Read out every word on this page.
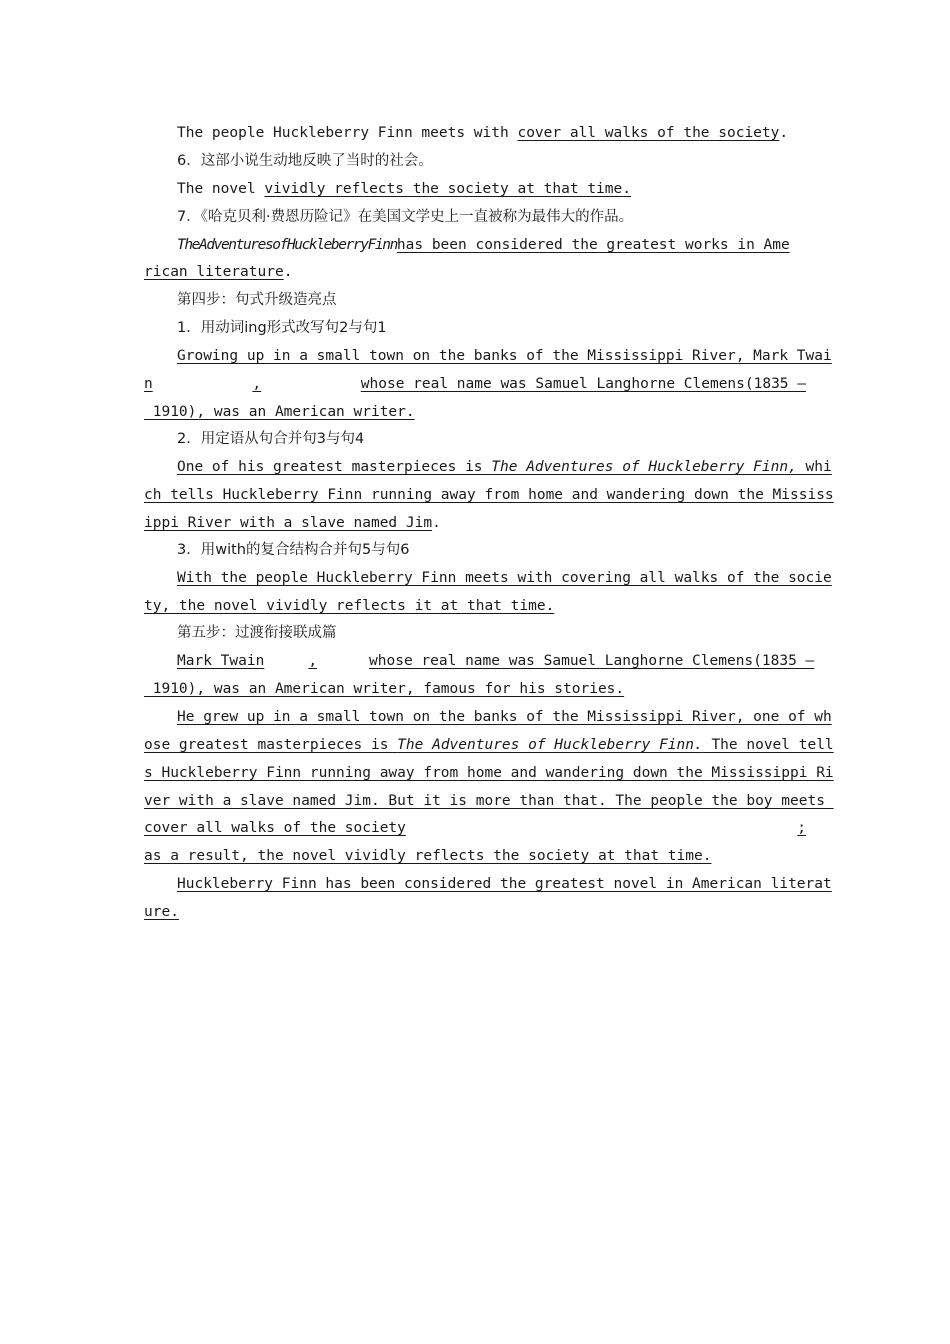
The people Huckleberry Finn meets with cover all walks of the society.
6．这部小说生动地反映了当时的社会。
The novel vividly reflects the society at that time.
7．《哈克贝利·费恩历险记》在美国文学史上一直被称为最伟大的作品。
TheAdventuresofHuckleberryFinnhas been considered the greatest works in Ame
rican literature.
第四步：句式升级造亮点
1．用动词ing形式改写句2与句1
Growing up in a small town on the banks of the Mississippi River, Mark Twai
n	,	whose real name was Samuel Langhorne Clemens(1835 —
1910), was an American writer.
2．用定语从句合并句3与句4
One of his greatest masterpieces is The Adventures of Huckleberry Finn, whi
ch tells Huckleberry Finn running away from home and wandering down the Mississ
ippi River with a slave named Jim.
3．用with的复合结构合并句5与句6
With the people Huckleberry Finn meets with covering all walks of the socie
ty, the novel vividly reflects it at that time.
第五步：过渡衔接联成篇
Mark Twain	,	whose real name was Samuel Langhorne Clemens(1835 —
1910), was an American writer, famous for his stories.
He grew up in a small town on the banks of the Mississippi River, one of wh
ose greatest masterpieces is The Adventures of Huckleberry Finn. The novel tell
s Huckleberry Finn running away from home and wandering down the Mississippi Ri
ver with a slave named Jim. But it is more than that. The people the boy meets
cover all walks of the society	;
as a result, the novel vividly reflects the society at that time.
Huckleberry Finn has been considered the greatest novel in American literat
ure.
